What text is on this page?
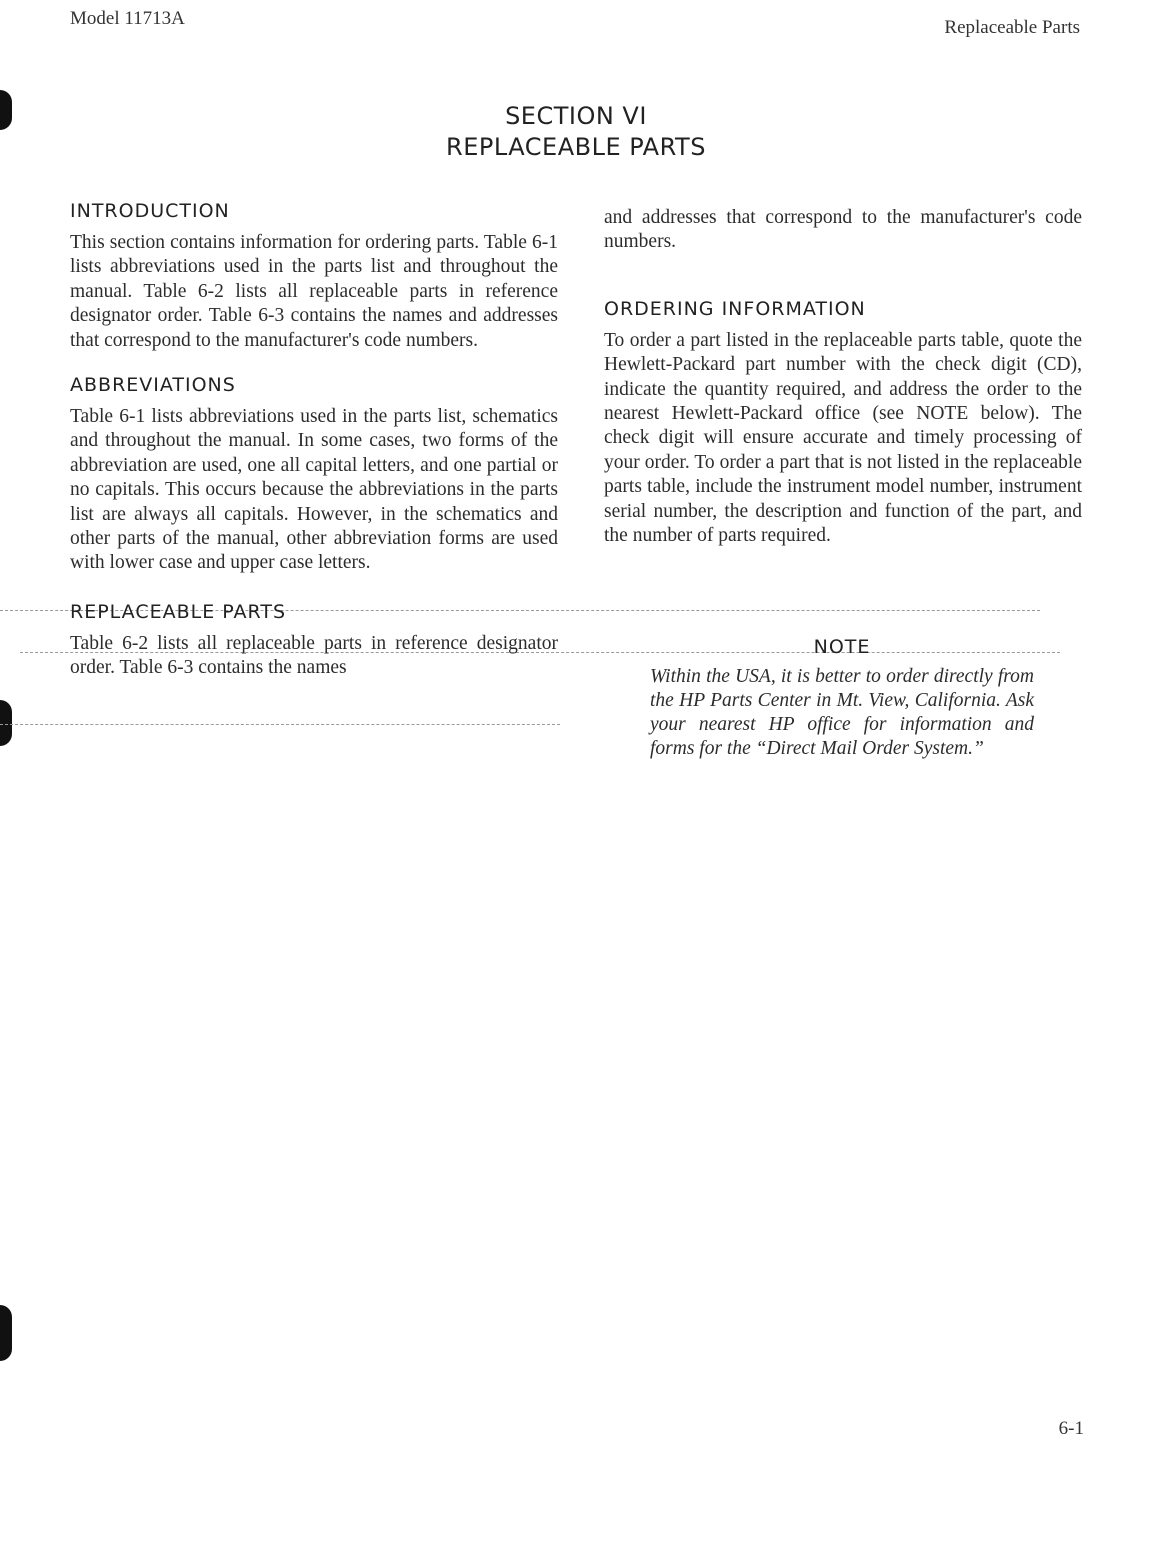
Model 11713A	Replaceable Parts
SECTION VI
REPLACEABLE PARTS
INTRODUCTION

This section contains information for ordering parts. Table 6-1 lists abbreviations used in the parts list and throughout the manual. Table 6-2 lists all replaceable parts in reference designator order. Table 6-3 contains the names and addresses that correspond to the manufacturer's code numbers.

ABBREVIATIONS

Table 6-1 lists abbreviations used in the parts list, schematics and throughout the manual. In some cases, two forms of the abbreviation are used, one all capital letters, and one partial or no capitals. This occurs because the abbreviations in the parts list are always all capitals. However, in the schematics and other parts of the manual, other abbreviation forms are used with lower case and upper case letters.

REPLACEABLE PARTS

Table 6-2 lists all replaceable parts in reference designator order. Table 6-3 contains the names

and addresses that correspond to the manufacturer's code numbers.

ORDERING INFORMATION

To order a part listed in the replaceable parts table, quote the Hewlett-Packard part number with the check digit (CD), indicate the quantity required, and address the order to the nearest Hewlett-Packard office (see NOTE below). The check digit will ensure accurate and timely processing of your order. To order a part that is not listed in the replaceable parts table, include the instrument model number, instrument serial number, the description and function of the part, and the number of parts required.

NOTE

Within the USA, it is better to order directly from the HP Parts Center in Mt. View, California. Ask your nearest HP office for information and forms for the “Direct Mail Order System.”

6-1
